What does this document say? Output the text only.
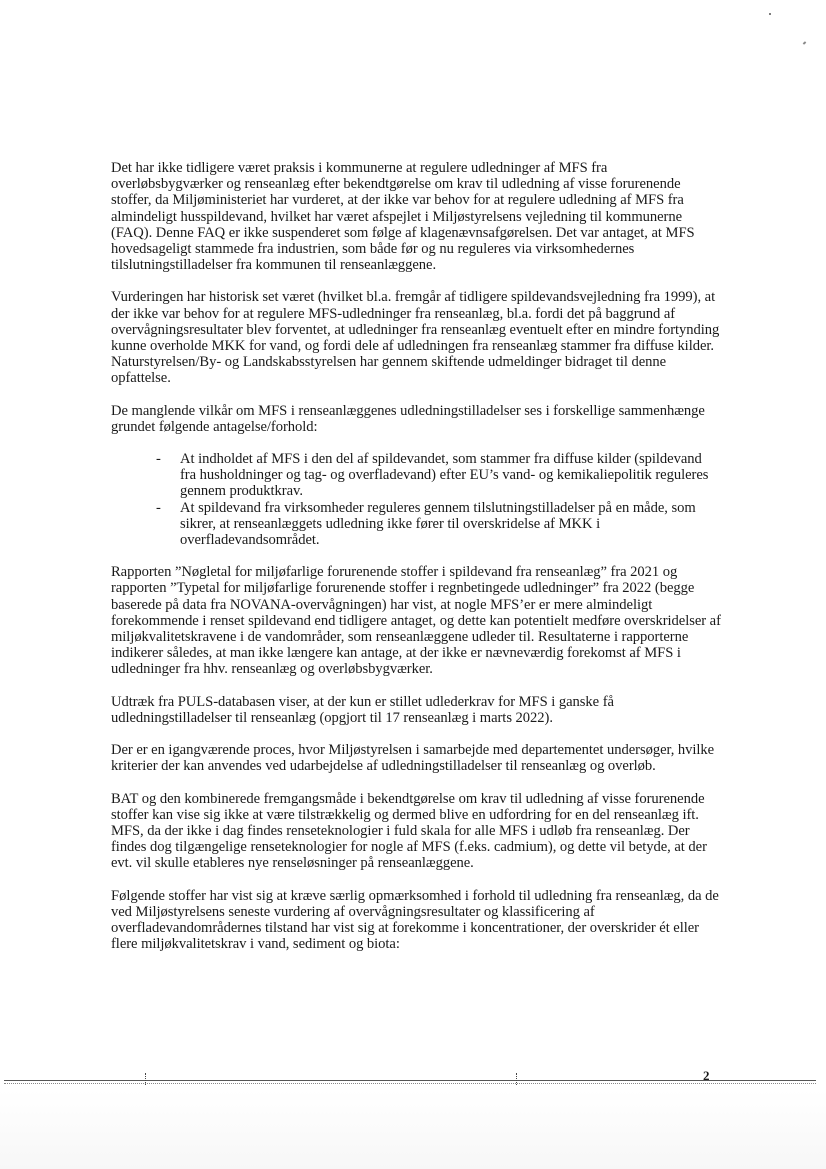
Det har ikke tidligere været praksis i kommunerne at regulere udledninger af MFS fra overløbsbygværker og renseanlæg efter bekendtgørelse om krav til udledning af visse forurenende stoffer, da Miljøministeriet har vurderet, at der ikke var behov for at regulere udledning af MFS fra almindeligt husspildevand, hvilket har været afspejlet i Miljøstyrelsens vejledning til kommunerne (FAQ). Denne FAQ er ikke suspenderet som følge af klagenævnsafgørelsen. Det var antaget, at MFS hovedsageligt stammede fra industrien, som både før og nu reguleres via virksomhedernes tilslutningstilladelser fra kommunen til renseanlæggene.

Vurderingen har historisk set været (hvilket bl.a. fremgår af tidligere spildevandsvejledning fra 1999), at der ikke var behov for at regulere MFS-udledninger fra renseanlæg, bl.a. fordi det på baggrund af overvågningsresultater blev forventet, at udledninger fra renseanlæg eventuelt efter en mindre fortynding kunne overholde MKK for vand, og fordi dele af udledningen fra renseanlæg stammer fra diffuse kilder. Naturstyrelsen/By- og Landskabsstyrelsen har gennem skiftende udmeldinger bidraget til denne opfattelse.

De manglende vilkår om MFS i renseanlæggenes udledningstilladelser ses i forskellige sammenhænge grundet følgende antagelse/forhold:

- At indholdet af MFS i den del af spildevandet, som stammer fra diffuse kilder (spildevand fra husholdninger og tag- og overfladevand) efter EU’s vand- og kemikaliepolitik reguleres gennem produktkrav.
- At spildevand fra virksomheder reguleres gennem tilslutningstilladelser på en måde, som sikrer, at renseanlæggets udledning ikke fører til overskridelse af MKK i overfladevandsområdet.

Rapporten ”Nøgletal for miljøfarlige forurenende stoffer i spildevand fra renseanlæg” fra 2021 og rapporten ”Typetal for miljøfarlige forurenende stoffer i regnbetingede udledninger” fra 2022 (begge baserede på data fra NOVANA-overvågningen) har vist, at nogle MFS’er er mere almindeligt forekommende i renset spildevand end tidligere antaget, og dette kan potentielt medføre overskridelser af miljøkvalitetskravene i de vandområder, som renseanlæggene udleder til. Resultaterne i rapporterne indikerer således, at man ikke længere kan antage, at der ikke er nævneværdig forekomst af MFS i udledninger fra hhv. renseanlæg og overløbsbygværker.

Udtræk fra PULS-databasen viser, at der kun er stillet udlederkrav for MFS i ganske få udledningstilladelser til renseanlæg (opgjort til 17 renseanlæg i marts 2022).

Der er en igangværende proces, hvor Miljøstyrelsen i samarbejde med departementet undersøger, hvilke kriterier der kan anvendes ved udarbejdelse af udledningstilladelser til renseanlæg og overløb.

BAT og den kombinerede fremgangsmåde i bekendtgørelse om krav til udledning af visse forurenende stoffer kan vise sig ikke at være tilstrækkelig og dermed blive en udfordring for en del renseanlæg ift. MFS, da der ikke i dag findes renseteknologier i fuld skala for alle MFS i udløb fra renseanlæg. Der findes dog tilgængelige renseteknologier for nogle af MFS (f.eks. cadmium), og dette vil betyde, at der evt. vil skulle etableres nye renseløsninger på renseanlæggene.

Følgende stoffer har vist sig at kræve særlig opmærksomhed i forhold til udledning fra renseanlæg, da de ved Miljøstyrelsens seneste vurdering af overvågningsresultater og klassificering af overfladevandområdernes tilstand har vist sig at forekomme i koncentrationer, der overskrider ét eller flere miljøkvalitetskrav i vand, sediment og biota:

2
